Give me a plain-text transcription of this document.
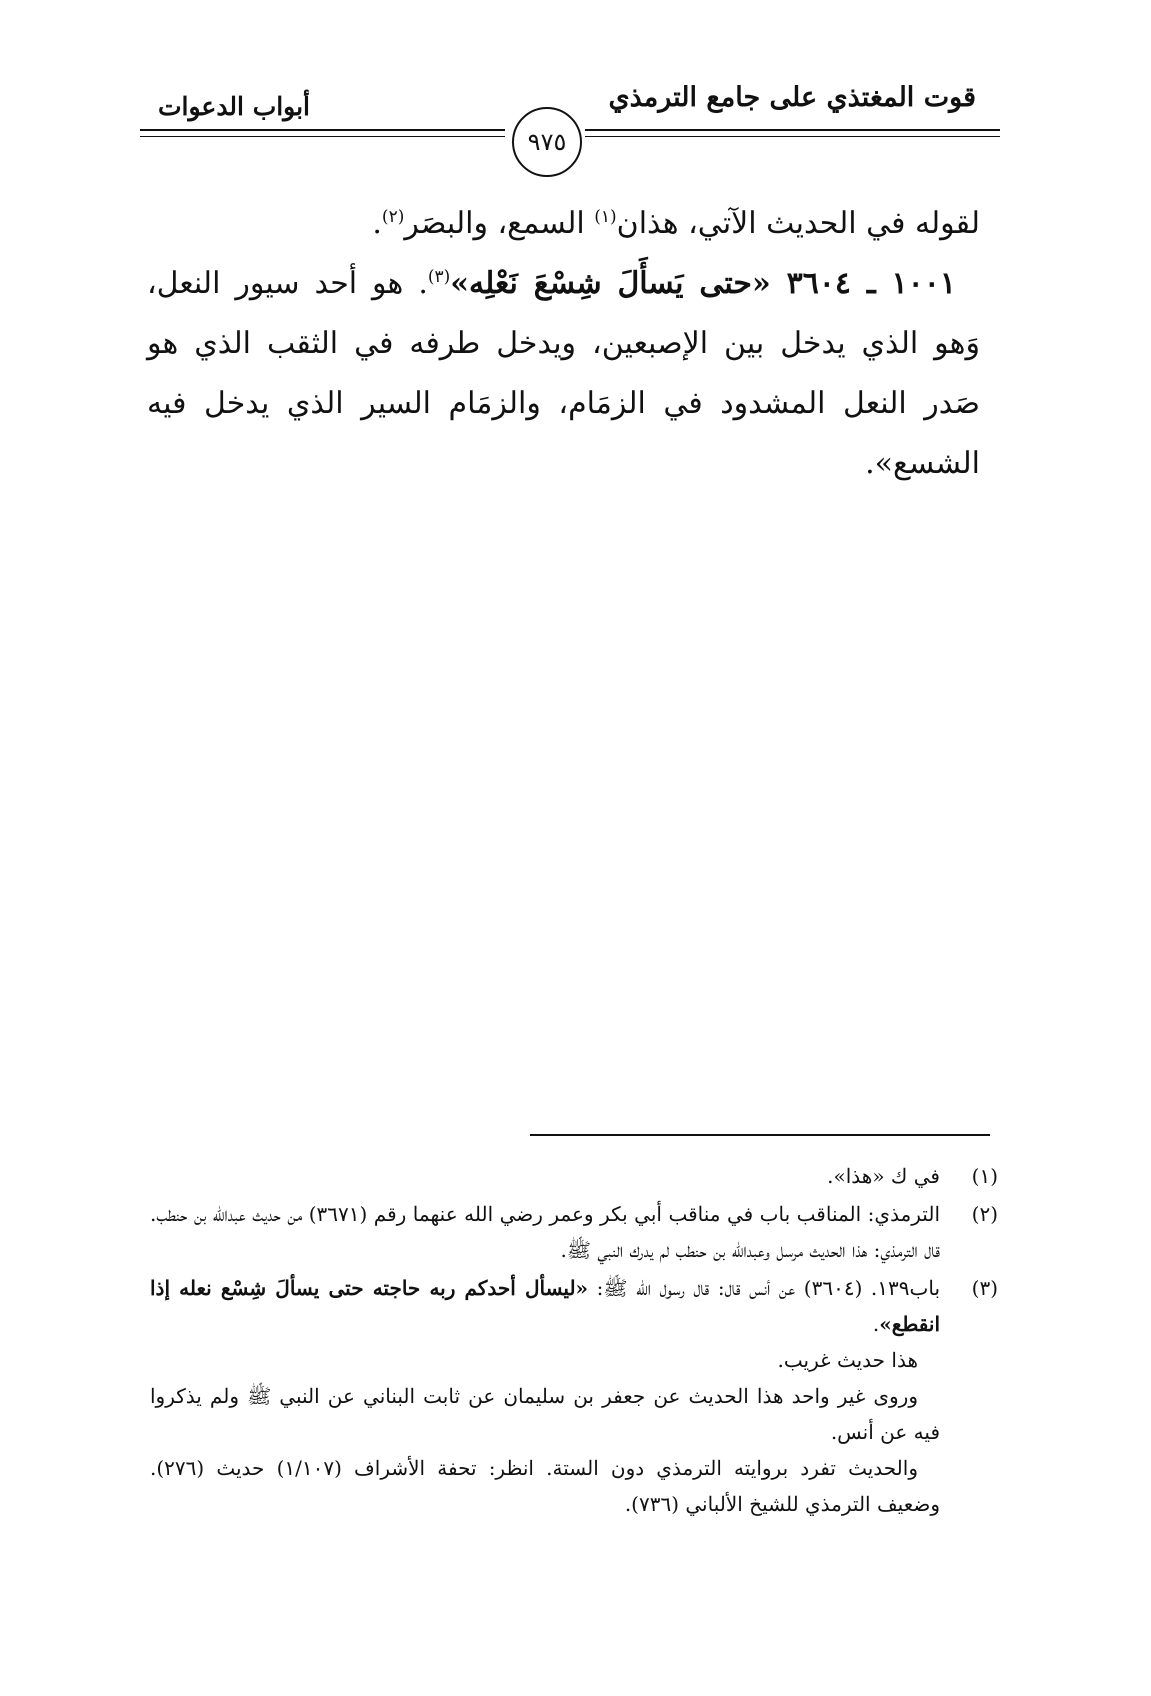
قوت المغتذي على جامع الترمذي
أبواب الدعوات
٩٧٥

لقوله في الحديث الآتي، هذان$^{(١)}$ السمع، والبصَر$^{(٢)}$.

١٠٠١ ـ ٣٦٠٤ «حتى يَسأَلَ شِسْعَ نَعْلِه»$^{(٣)}$. هو أحد سيور النعل، وَهو الذي يدخل بين الإصبعين، ويدخل طرفه في الثقب الذي هو صَدر النعل المشدود في الزمَام، والزمَام السير الذي يدخل فيه الشسع».

(١)
في ك «هذا».
(٢)
الترمذي: المناقب باب في مناقب أبي بكر وعمر رضي الله عنهما رقم (٣٦٧١) من حديث عبدالله بن حنطب. قال الترمذي: هذا الحديث مرسل وعبدالله بن حنطب لم يدرك النبي ﷺ.
(٣)
باب١٣٩. (٣٦٠٤) عن أنس قال: قال رسول الله ﷺ: «ليسأل أحدكم ربه حاجته حتى يسألَ شِسْع نعله إذا انقطع».
هذا حديث غريب.
وروى غير واحد هذا الحديث عن جعفر بن سليمان عن ثابت البناني عن النبي ﷺ ولم يذكروا فيه عن أنس.
والحديث تفرد بروايته الترمذي دون الستة. انظر: تحفة الأشراف (١/١٠٧) حديث (٢٧٦). وضعيف الترمذي للشيخ الألباني (٧٣٦).
